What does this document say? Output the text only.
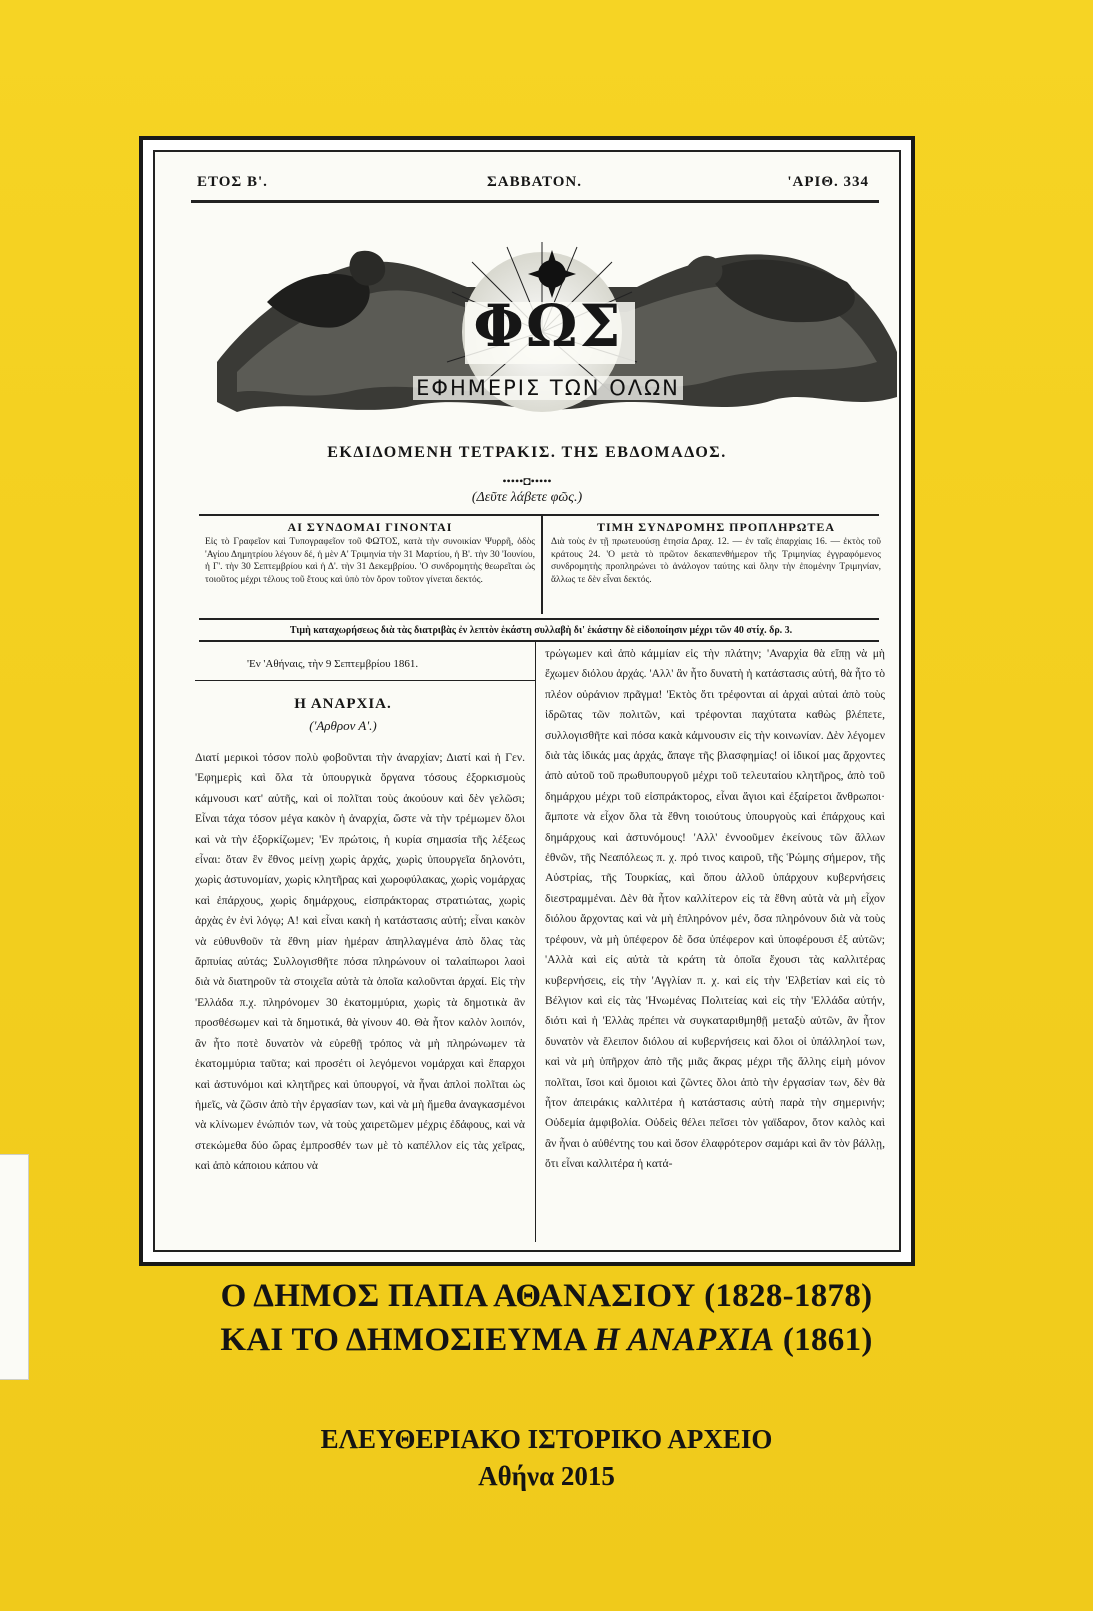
ΕΤΟΣ Β'.	ΣΑΒΒΑΤΟΝ.	'ΑΡΙΘ. 334
ΦΩΣ
ΕΦΗΜΕΡΙΣ ΤΩΝ ΟΛΩΝ
ΕΚΔΙΔΟΜΕΝΗ ΤΕΤΡΑΚΙΣ. ΤΗΣ ΕΒΔΟΜΑΔΟΣ.
•••••◘•••••
(Δεῦτε λάβετε φῶς.)
ΑΙ ΣΥΝΔΟΜΑΙ ΓΙΝΟΝΤΑΙ	ΤΙΜΗ ΣΥΝΔΡΟΜΗΣ ΠΡΟΠΛΗΡΩΤΕΑ
Εἰς τὸ Γραφεῖον καὶ Τυπογραφεῖον τοῦ ΦΩΤΟΣ, κατὰ τὴν συνοικίαν Ψυρρῆ, ὁδὸς 'Αγίου Δημητρίου λέγουν δέ, ἡ μὲν Α' Τριμηνία τὴν 31 Μαρτίου, ἡ Β'. τὴν 30 'Ιουνίου, ἡ Γ'. τὴν 30 Σεπτεμβρίου καὶ ἡ Δ'. τὴν 31 Δεκεμβρίου. 'Ο συνδρομητὴς θεωρεῖται ὡς τοιοῦτος μέχρι τέλους τοῦ ἔτους καὶ ὑπὸ τὸν ὅρον τοῦτον γίνεται δεκτός.
Διὰ τοὺς ἐν τῇ πρωτευούσῃ ἐτησία Δραχ. 12. — ἐν ταῖς ἐπαρχίαις 16. — ἐκτὸς τοῦ κράτους 24. 'Ο μετὰ τὸ πρῶτον δεκαπενθήμερον τῆς Τριμηνίας ἐγγραφόμενος συνδρομητὴς προπληρώνει τὸ ἀνάλογον ταύτης καὶ ὅλην τὴν ἐπομένην Τριμηνίαν, ἄλλως τε δὲν εἶναι δεκτός.
Τιμὴ καταχωρήσεως διὰ τὰς διατριβὰς ἐν λεπτὸν ἑκάστη συλλαβὴ δι' ἑκάστην δὲ εἰδοποίησιν μέχρι τῶν 40 στίχ. δρ. 3.
'Εν 'Αθήναις, τὴν 9 Σεπτεμβρίου 1861.
Η ΑΝΑΡΧΙΑ.
('Αρθρον Α'.)
Διατί μερικοὶ τόσον πολὺ φοβοῦνται τὴν ἀναρχίαν; Διατί καὶ ἡ Γεν. 'Εφημερὶς καὶ ὅλα τὰ ὑπουργικὰ ὄργανα τόσους ἐξορκισμοὺς κάμνουσι κατ' αὐτῆς, καὶ οἱ πολῖται τοὺς ἀκούουν καὶ δὲν γελῶσι; Εἶναι τάχα τόσον μέγα κακὸν ἡ ἀναρχία, ὥστε νὰ τὴν τρέμωμεν ὅλοι καὶ νὰ τὴν ἐξορκίζωμεν; 'Εν πρώτοις, ἡ κυρία σημασία τῆς λέξεως εἶναι: ὅταν ἓν ἔθνος μείνῃ χωρὶς ἀρχάς, χωρὶς ὑπουργεῖα δηλονότι, χωρὶς ἀστυνομίαν, χωρὶς κλητῆρας καὶ χωροφύλακας, χωρὶς νομάρχας καὶ ἐπάρχους, χωρὶς δημάρχους, εἰσπράκτορας στρατιώτας, χωρὶς ἀρχὰς ἐν ἑνὶ λόγῳ; Α! καὶ εἶναι κακὴ ἡ κατάστασις αὐτή; εἶναι κακὸν νὰ εὐθυνθοῦν τὰ ἔθνη μίαν ἡμέραν ἀπηλλαγμένα ἀπὸ ὅλας τὰς ἅρπυίας αὐτάς; Συλλογισθῆτε πόσα πληρώνουν οἱ ταλαίπωροι λαοὶ διὰ νὰ διατηροῦν τὰ στοιχεῖα αὐτὰ τὰ ὁποῖα καλοῦνται ἀρχαί. Εἰς τὴν 'Ελλάδα π.χ. πληρόνομεν 30 ἑκατομμύρια, χωρὶς τὰ δημοτικὰ ἂν προσθέσωμεν καὶ τὰ δημοτικά, θὰ γίνουν 40. Θὰ ἦτον καλὸν λοιπόν, ἂν ἦτο ποτὲ δυνατὸν νὰ εὑρεθῇ τρόπος νὰ μὴ πληρώνωμεν τὰ ἑκατομμύρια ταῦτα; καὶ προσέτι οἱ λεγόμενοι νομάρχαι καὶ ἔπαρχοι καὶ ἀστυνόμοι καὶ κλητῆρες καὶ ὑπουργοί, νὰ ἦναι ἁπλοὶ πολῖται ὡς ἡμεῖς, νὰ ζῶσιν ἀπὸ τὴν ἐργασίαν των, καὶ νὰ μὴ ἤμεθα ἀναγκασμένοι νὰ κλίνωμεν ἐνώπιόν των, νὰ τοὺς χαιρετῶμεν μέχρις ἐδάφους, καὶ νὰ στεκώμεθα δύο ὥρας ἐμπροσθέν των μὲ τὸ καπέλλον εἰς τὰς χεῖρας, καὶ ἀπὸ κάποιου κάπου νὰ
τρώγωμεν καὶ ἀπὸ κάμμίαν εἰς τὴν πλάτην; 'Αναρχία θὰ εἴπῃ νὰ μὴ ἔχωμεν διόλου ἀρχάς. 'Αλλ' ἂν ἦτο δυνατὴ ἡ κατάστασις αὐτή, θὰ ἦτο τὸ πλέον οὐράνιον πρᾶγμα! 'Εκτὸς ὅτι τρέφονται αἱ ἀρχαὶ αὐταὶ ἀπὸ τοὺς ἱδρῶτας τῶν πολιτῶν, καὶ τρέφονται παχύτατα καθὼς βλέπετε, συλλογισθῆτε καὶ πόσα κακὰ κάμνουσιν εἰς τὴν κοινωνίαν. Δὲν λέγομεν διὰ τὰς ἰδικάς μας ἀρχάς, ἄπαγε τῆς βλασφημίας! οἱ ἰδικοί μας ἄρχοντες ἀπὸ αὐτοῦ τοῦ πρωθυπουργοῦ μέχρι τοῦ τελευταίου κλητῆρος, ἀπὸ τοῦ δημάρχου μέχρι τοῦ εἰσπράκτορος, εἶναι ἅγιοι καὶ ἐξαίρετοι ἄνθρωποι· ἄμποτε νὰ εἶχον ὅλα τὰ ἔθνη τοιούτους ὑπουργοὺς καὶ ἐπάρχους καὶ δημάρχους καὶ ἀστυνόμους! 'Αλλ' ἐννοοῦμεν ἐκείνους τῶν ἄλλων ἐθνῶν, τῆς Νεαπόλεως π. χ. πρό τινος καιροῦ, τῆς Ῥώμης σήμερον, τῆς Αὐστρίας, τῆς Τουρκίας, καὶ ὅπου ἀλλοῦ ὑπάρχουν κυβερνήσεις διεστραμμέναι. Δὲν θὰ ἦτον καλλίτερον εἰς τὰ ἔθνη αὐτὰ νὰ μὴ εἶχον διόλου ἄρχοντας καὶ νὰ μὴ ἐπληρόνον μέν, ὅσα πληρόνουν διὰ νὰ τοὺς τρέφουν, νὰ μὴ ὑπέφερον δὲ ὅσα ὑπέφερον καὶ ὑποφέρουσι ἐξ αὐτῶν; 'Αλλὰ καὶ εἰς αὐτὰ τὰ κράτη τὰ ὁποῖα ἔχουσι τὰς καλλιτέρας κυβερνήσεις, εἰς τὴν 'Αγγλίαν π. χ. καὶ εἰς τὴν 'Ελβετίαν καὶ εἰς τὸ Βέλγιον καὶ εἰς τὰς 'Ηνωμένας Πολιτείας καὶ εἰς τὴν 'Ελλάδα αὐτήν, διότι καὶ ἡ 'Ελλὰς πρέπει νὰ συγκαταριθμηθῇ μεταξὺ αὐτῶν, ἂν ἦτον δυνατὸν νὰ ἔλειπον διόλου αἱ κυβερνήσεις καὶ ὅλοι οἱ ὑπάλληλοί των, καὶ νὰ μὴ ὑπῆρχον ἀπὸ τῆς μιᾶς ἄκρας μέχρι τῆς ἄλλης εἰμὴ μόνον πολῖται, ἴσοι καὶ ὅμοιοι καὶ ζῶντες ὅλοι ἀπὸ τὴν ἐργασίαν των, δὲν θὰ ἦτον ἀπειράκις καλλιτέρα ἡ κατάστασις αὐτὴ παρὰ τὴν σημερινήν; Οὐδεμία ἀμφιβολία. Οὐδεὶς θέλει πεῖσει τὸν γαϊδαρον, ὅτον καλὸς καὶ ἂν ἦναι ὁ αὐθέντης του καὶ ὅσον ἐλαφρότερον σαμάρι καὶ ἂν τὸν βάλλῃ, ὅτι εἶναι καλλιτέρα ἡ κατά-
Ο ΔΗΜΟΣ ΠΑΠΑ ΑΘΑΝΑΣΙΟΥ (1828-1878)
ΚΑΙ ΤΟ ΔΗΜΟΣΙΕΥΜΑ Η ΑΝΑΡΧΙΑ (1861)
ΕΛΕΥΘΕΡΙΑΚΟ ΙΣΤΟΡΙΚΟ ΑΡΧΕΙΟ
Αθήνα 2015
